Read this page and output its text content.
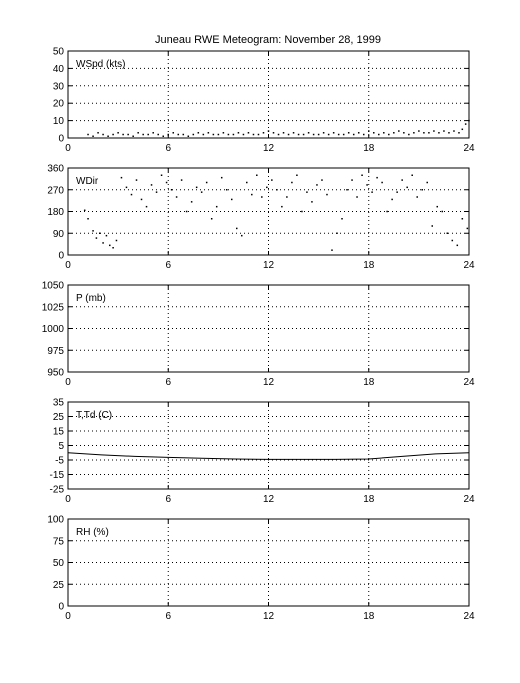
Juneau RWE Meteogram: November 28, 1999
0	6	12	18	24
0
10
20
30
40
50
WSpd (kts)
0	6	12	18	24
0
90
180
270
360
WDir
0	6	12	18	24
950
975
1000
1025
1050
P (mb)
0	6	12	18	24
-25
-15
-5
5
15
25
35
T,Td (C)
0	6	12	18	24
0
25
50
75
100
RH (%)
